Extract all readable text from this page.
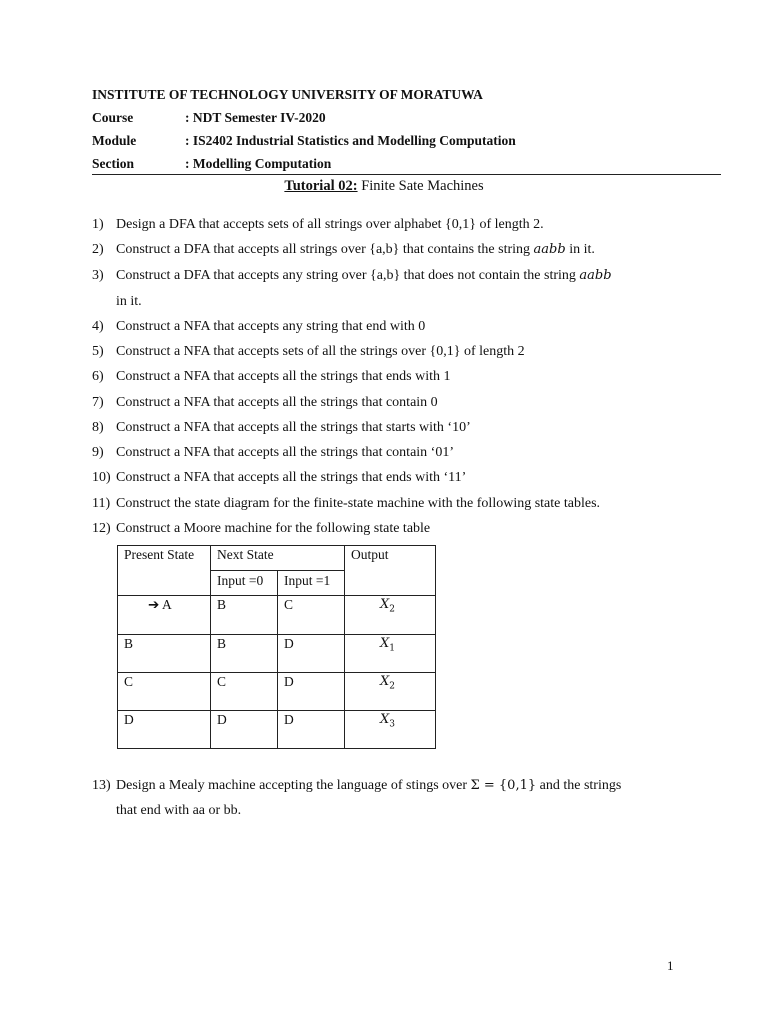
INSTITUTE OF TECHNOLOGY UNIVERSITY OF MORATUWA
Course	: NDT Semester IV-2020
Module	: IS2402 Industrial Statistics and Modelling Computation
Section	: Modelling Computation
Tutorial 02: Finite Sate Machines
1) Design a DFA that accepts sets of all strings over alphabet {0,1} of length 2.
2) Construct a DFA that accepts all strings over {a,b} that contains the string aabb in it.
3) Construct a DFA that accepts any string over {a,b} that does not contain the string aabb
in it.
4) Construct a NFA that accepts any string that end with 0
5) Construct a NFA that accepts sets of all the strings over {0,1} of length 2
6) Construct a NFA that accepts all the strings that ends with 1
7) Construct a NFA that accepts all the strings that contain 0
8) Construct a NFA that accepts all the strings that starts with ‘10’
9) Construct a NFA that accepts all the strings that contain ‘01’
10) Construct a NFA that accepts all the strings that ends with ‘11’
11) Construct the state diagram for the finite-state machine with the following state tables.
12) Construct a Moore machine for the following state table
Present State	Next State		Output

	Input =0	Input =1	

➔ A	B	C	$X_2$

B	B	D	$X_1$

C	C	D	$X_2$

D	D	D	$X_3$
13) Design a Mealy machine accepting the language of stings over Σ = {0,1} and the strings
that end with aa or bb.
1
